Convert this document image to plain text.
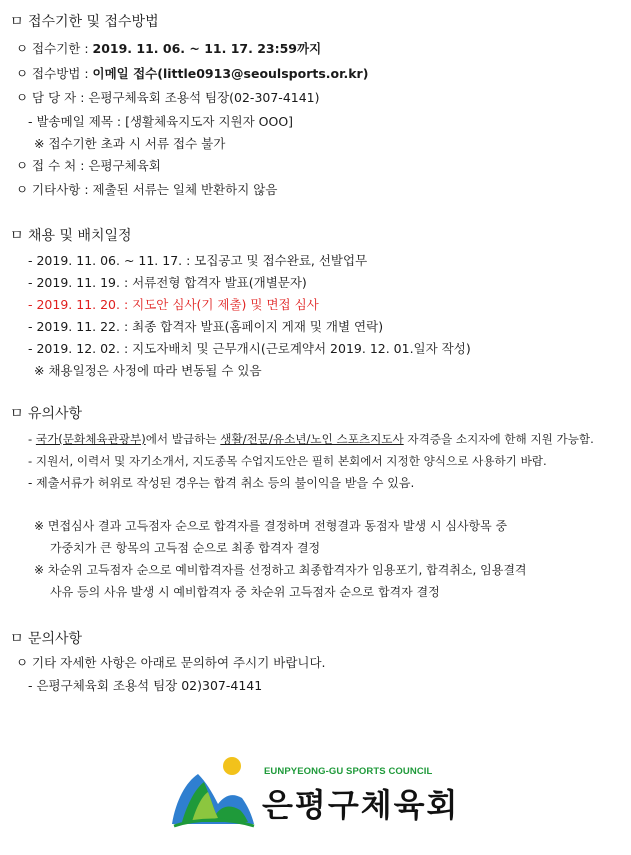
ㅁ 접수기한 및 접수방법
ㅇ 접수기한 : 2019. 11. 06. ~ 11. 17. 23:59까지
ㅇ 접수방법 : 이메일 접수(little0913@seoulsports.or.kr)
ㅇ 담 당 자 : 은평구체육회 조용석 팀장(02-307-4141)
- 발송메일 제목 : [생활체육지도자 지원자 OOO]
※ 접수기한 초과 시 서류 접수 불가
ㅇ 접 수 처 : 은평구체육회
ㅇ 기타사항 : 제출된 서류는 일체 반환하지 않음
ㅁ 채용 및 배치일정
- 2019. 11. 06. ~ 11. 17. : 모집공고 및 접수완료, 선발업무
- 2019. 11. 19. : 서류전형 합격자 발표(개별문자)
- 2019. 11. 20. : 지도안 심사(기 제출) 및 면접 심사
- 2019. 11. 22. : 최종 합격자 발표(홈페이지 게재 및 개별 연락)
- 2019. 12. 02. : 지도자배치 및 근무개시(근로계약서 2019. 12. 01.일자 작성)
※ 채용일정은 사정에 따라 변동될 수 있음
ㅁ 유의사항
- 국가(문화체육관광부)에서 발급하는 생활/전문/유소년/노인 스포츠지도사 자격증을 소지자에 한해 지원 가능함.
- 지원서, 이력서 및 자기소개서, 지도종목 수업지도안은 필히 본회에서 지정한 양식으로 사용하기 바람.
- 제출서류가 허위로 작성된 경우는 합격 취소 등의 불이익을 받을 수 있음.
※ 면접심사 결과 고득점자 순으로 합격자를 결정하며 전형결과 동점자 발생 시 심사항목 중
가중치가 큰 항목의 고득점 순으로 최종 합격자 결정
※ 차순위 고득점자 순으로 예비합격자를 선정하고 최종합격자가 임용포기, 합격취소, 임용결격
사유 등의 사유 발생 시 예비합격자 중 차순위 고득점자 순으로 합격자 결정
ㅁ 문의사항
ㅇ 기타 자세한 사항은 아래로 문의하여 주시기 바랍니다.
- 은평구체육회 조용석 팀장 02)307-4141
EUNPYEONG-GU SPORTS COUNCIL
은평구체육회
